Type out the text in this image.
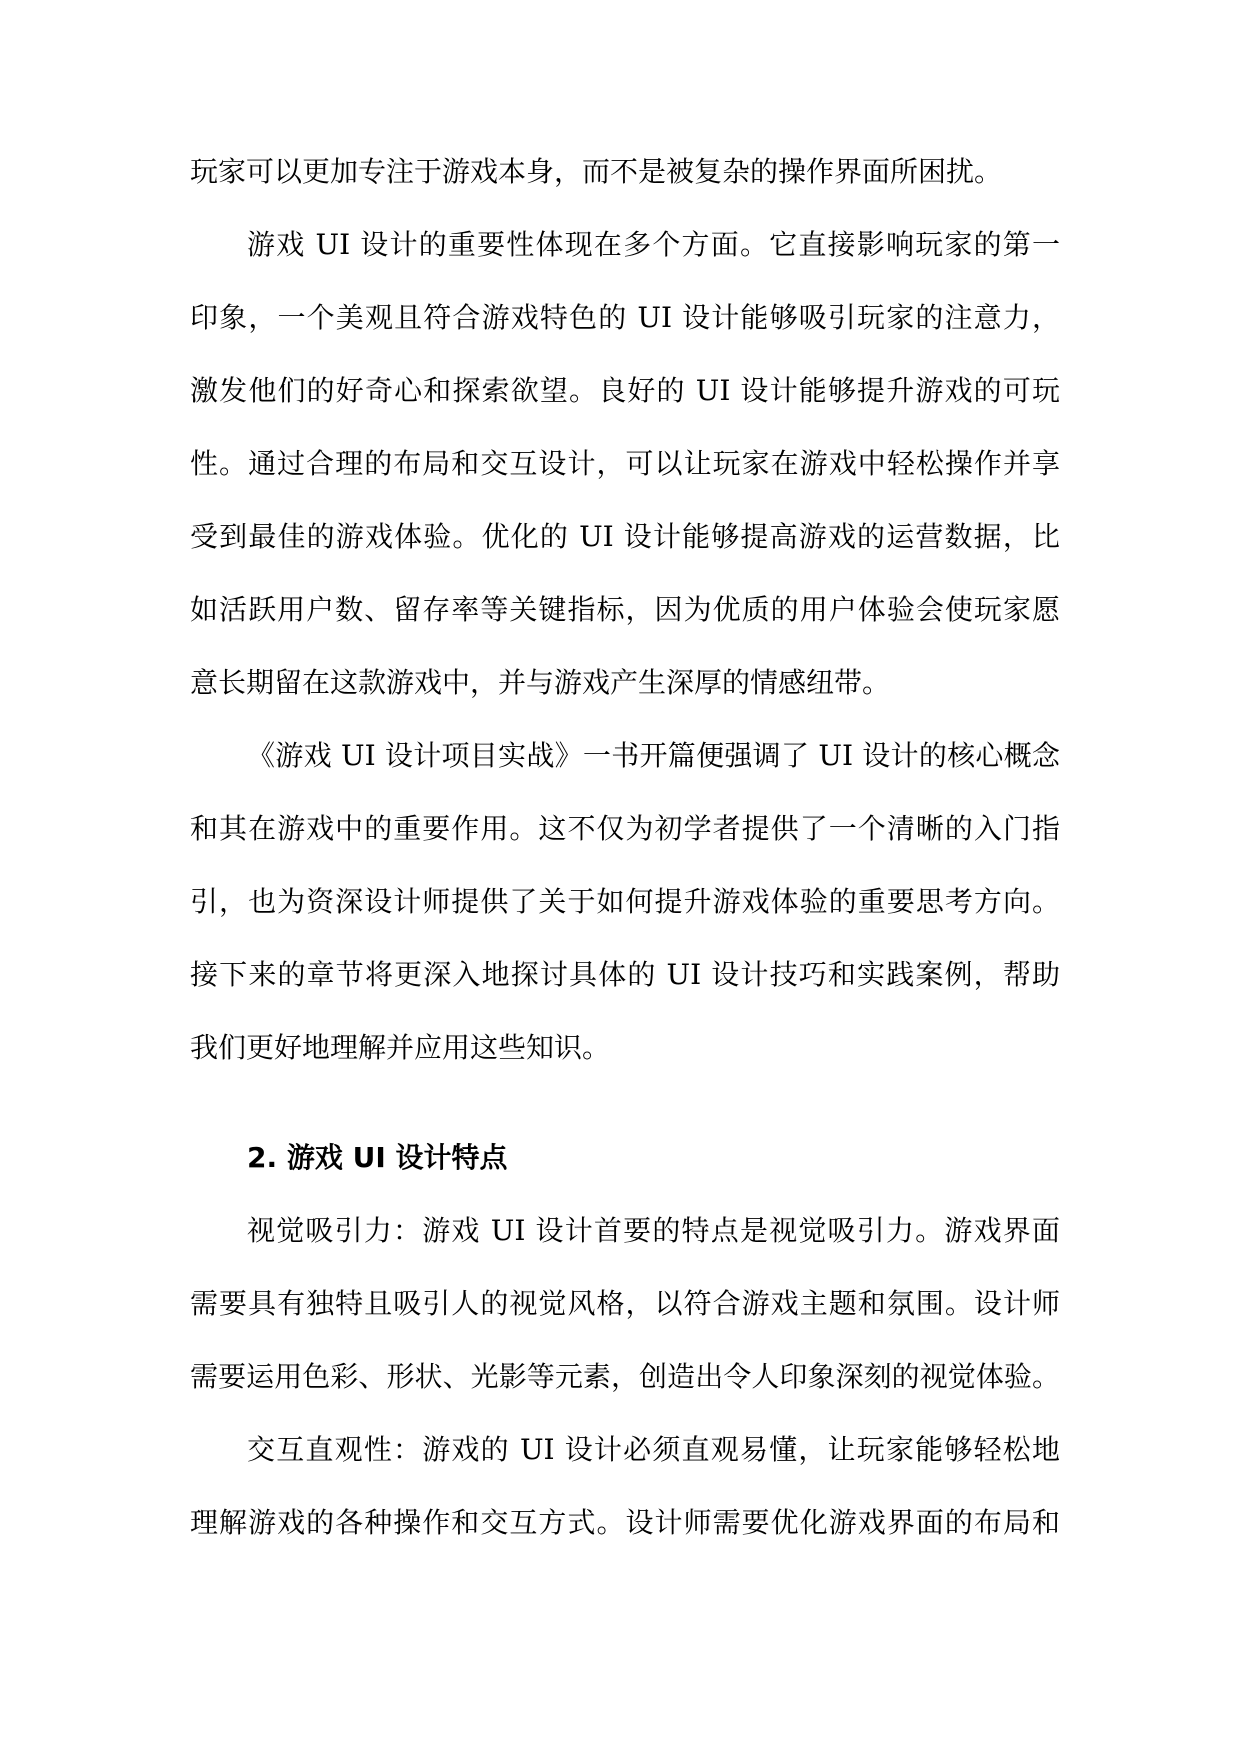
玩家可以更加专注于游戏本身，而不是被复杂的操作界面所困扰。
游戏 UI 设计的重要性体现在多个方面。它直接影响玩家的第一
印象，一个美观且符合游戏特色的 UI 设计能够吸引玩家的注意力，
激发他们的好奇心和探索欲望。良好的 UI 设计能够提升游戏的可玩
性。通过合理的布局和交互设计，可以让玩家在游戏中轻松操作并享
受到最佳的游戏体验。优化的 UI 设计能够提高游戏的运营数据，比
如活跃用户数、留存率等关键指标，因为优质的用户体验会使玩家愿
意长期留在这款游戏中，并与游戏产生深厚的情感纽带。
《游戏 UI 设计项目实战》一书开篇便强调了 UI 设计的核心概念
和其在游戏中的重要作用。这不仅为初学者提供了一个清晰的入门指
引，也为资深设计师提供了关于如何提升游戏体验的重要思考方向。
接下来的章节将更深入地探讨具体的 UI 设计技巧和实践案例，帮助
我们更好地理解并应用这些知识。
2. 游戏 UI 设计特点
视觉吸引力：游戏 UI 设计首要的特点是视觉吸引力。游戏界面
需要具有独特且吸引人的视觉风格，以符合游戏主题和氛围。设计师
需要运用色彩、形状、光影等元素，创造出令人印象深刻的视觉体验。
交互直观性：游戏的 UI 设计必须直观易懂，让玩家能够轻松地
理解游戏的各种操作和交互方式。设计师需要优化游戏界面的布局和
